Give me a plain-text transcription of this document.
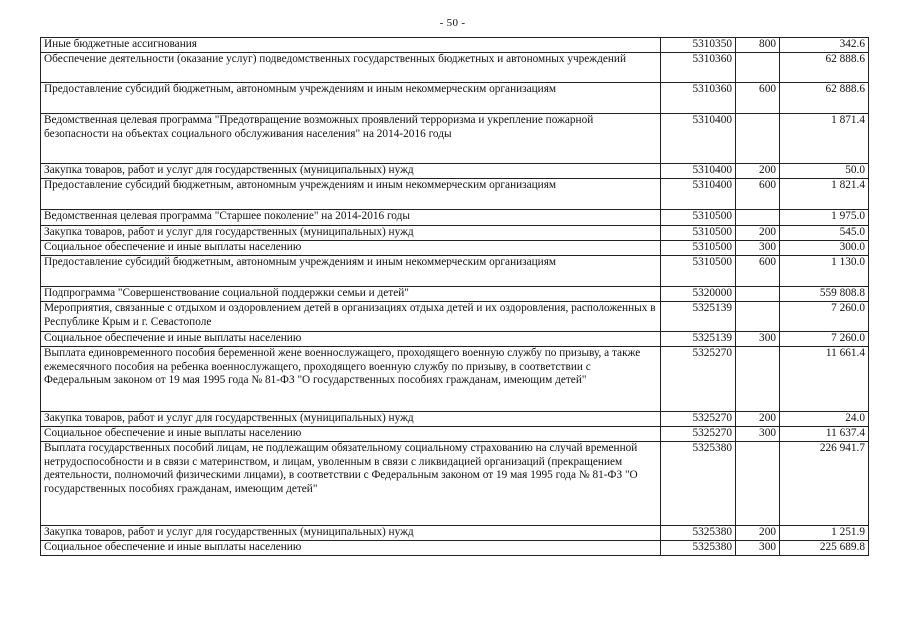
- 50 -
Иные бюджетные ассигнования	5310350	800	342.6
Обеспечение деятельности (оказание услуг) подведомственных государственных бюджетных и автономных учреждений	5310360		62 888.6
Предоставление субсидий бюджетным, автономным учреждениям и иным некоммерческим организациям	5310360	600	62 888.6
Ведомственная целевая программа "Предотвращение возможных проявлений терроризма и укрепление пожарной безопасности на объектах социального обслуживания населения" на 2014-2016 годы	5310400		1 871.4
Закупка товаров, работ и услуг для государственных (муниципальных) нужд	5310400	200	50.0
Предоставление субсидий бюджетным, автономным учреждениям и иным некоммерческим организациям	5310400	600	1 821.4
Ведомственная целевая программа "Старшее поколение" на 2014-2016 годы	5310500		1 975.0
Закупка товаров, работ и услуг для государственных (муниципальных) нужд	5310500	200	545.0
Социальное обеспечение и иные выплаты населению	5310500	300	300.0
Предоставление субсидий бюджетным, автономным учреждениям и иным некоммерческим организациям	5310500	600	1 130.0
Подпрограмма "Совершенствование социальной поддержки семьи и детей"	5320000		559 808.8
Мероприятия, связанные с отдыхом и оздоровлением детей в организациях отдыха детей и их оздоровления, расположенных в Республике Крым и г. Севастополе	5325139		7 260.0
Социальное обеспечение и иные выплаты населению	5325139	300	7 260.0
Выплата единовременного пособия беременной жене военнослужащего, проходящего военную службу по призыву, а также ежемесячного пособия на ребенка военнослужащего, проходящего военную службу по призыву, в соответствии с Федеральным законом от 19 мая 1995 года № 81-ФЗ "О государственных пособиях гражданам, имеющим детей"	5325270		11 661.4
Закупка товаров, работ и услуг для государственных (муниципальных) нужд	5325270	200	24.0
Социальное обеспечение и иные выплаты населению	5325270	300	11 637.4
Выплата государственных пособий лицам, не подлежащим обязательному социальному страхованию на случай временной нетрудоспособности и в связи с материнством, и лицам, уволенным в связи с ликвидацией организаций (прекращением деятельности, полномочий физическими лицами), в соответствии с Федеральным законом от 19 мая 1995 года № 81-ФЗ "О государственных пособиях гражданам, имеющим детей"	5325380		226 941.7
Закупка товаров, работ и услуг для государственных (муниципальных) нужд	5325380	200	1 251.9
Социальное обеспечение и иные выплаты населению	5325380	300	225 689.8
